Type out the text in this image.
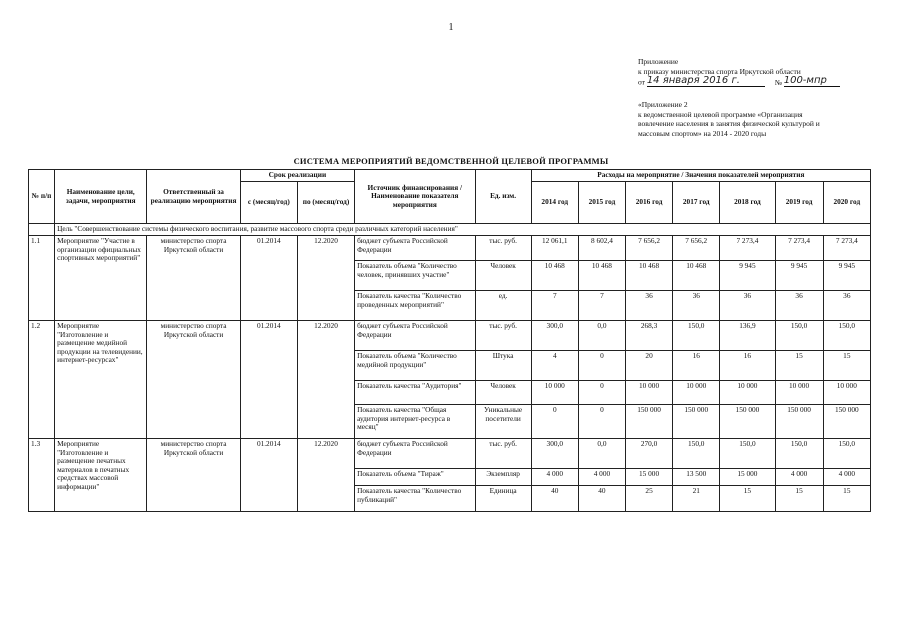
1
Приложение
к приказу министерства спорта Иркутской области
от 14 января 2016 г.	№ 100-мпр
«Приложение 2
к ведомственной целевой программе «Организация
вовлечение населения в занятия физической культурой и
массовым спортом» на 2014 - 2020 годы
СИСТЕМА МЕРОПРИЯТИЙ ВЕДОМСТВЕННОЙ ЦЕЛЕВОЙ ПРОГРАММЫ
№ п/п	Наименование цели, задачи, мероприятия	Ответственный за реализацию мероприятия	Срок реализации		Источник финансирования / Наименование показателя мероприятия	Ед. изм.	Расходы на мероприятие / Значения показателей мероприятия						
			с (месяц/год)	по (месяц/год)			2014 год	2015 год	2016 год	2017 год	2018 год	2019 год	2020 год
	Цель "Совершенствование системы физического воспитания, развитие массового спорта среди различных категорий населения"												
1.1	Мероприятие "Участие в организации официальных спортивных мероприятий"	министерство спорта Иркутской области	01.2014	12.2020	бюджет субъекта Российской Федерации	тыс. руб.	12 061,1	8 602,4	7 656,2	7 656,2	7 273,4	7 273,4	7 273,4
					Показатель объема "Количество человек, принявших участие"	Человек	10 468	10 468	10 468	10 468	9 945	9 945	9 945
					Показатель качества "Количество проведенных мероприятий"	ед.	7	7	36	36	36	36	36
1.2	Мероприятие "Изготовление и размещение медийной продукции на телевидении, интернет-ресурсах"	министерство спорта Иркутской области	01.2014	12.2020	бюджет субъекта Российской Федерации	тыс. руб.	300,0	0,0	268,3	150,0	136,9	150,0	150,0
					Показатель объема "Количество медийной продукции"	Штука	4	0	20	16	16	15	15
					Показатель качества "Аудитория"	Человек	10 000	0	10 000	10 000	10 000	10 000	10 000
					Показатель качества "Общая аудитория интернет-ресурса в месяц"	Уникальные посетители	0	0	150 000	150 000	150 000	150 000	150 000
1.3	Мероприятие "Изготовление и размещение печатных материалов в печатных средствах массовой информации"	министерство спорта Иркутской области	01.2014	12.2020	бюджет субъекта Российской Федерации	тыс. руб.	300,0	0,0	270,0	150,0	150,0	150,0	150,0
					Показатель объема "Тираж"	Экземпляр	4 000	4 000	15 000	13 500	15 000	4 000	4 000
					Показатель качества "Количество публикаций"	Единица	40	40	25	21	15	15	15
